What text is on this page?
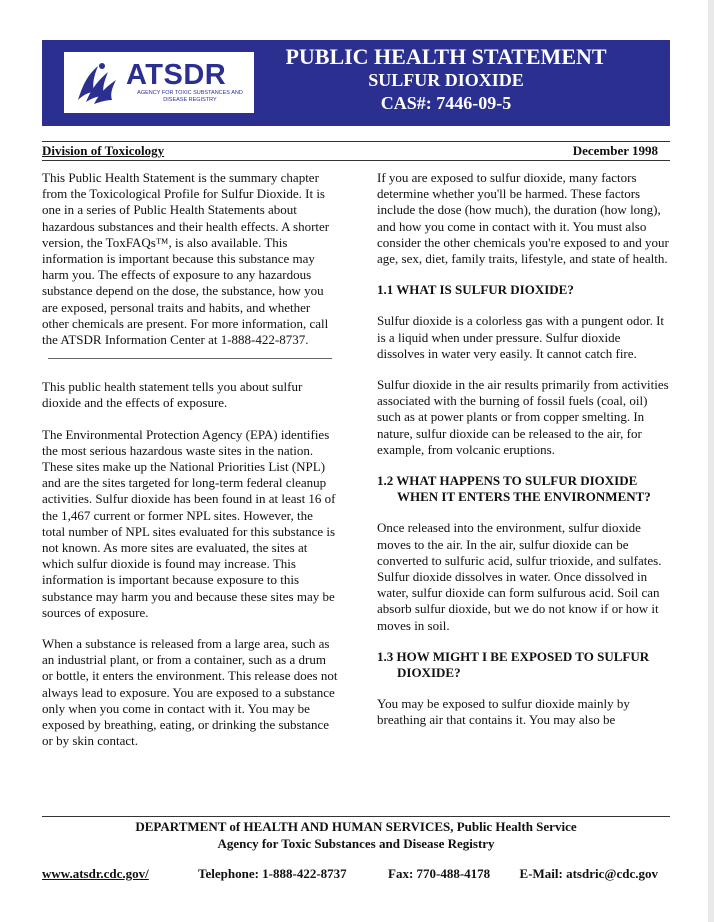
ATSDR
AGENCY FOR TOXIC SUBSTANCES AND DISEASE REGISTRY
PUBLIC HEALTH STATEMENT
SULFUR DIOXIDE
CAS#: 7446-09-5
Division of Toxicology	December 1998

This Public Health Statement is the summary chapter from the Toxicological Profile for Sulfur Dioxide. It is one in a series of Public Health Statements about hazardous substances and their health effects. A shorter version, the ToxFAQs™, is also available. This information is important because this substance may harm you. The effects of exposure to any hazardous substance depend on the dose, the substance, how you are exposed, personal traits and habits, and whether other chemicals are present. For more information, call the ATSDR Information Center at 1-888-422-8737.

This public health statement tells you about sulfur dioxide and the effects of exposure.

The Environmental Protection Agency (EPA) identifies the most serious hazardous waste sites in the nation. These sites make up the National Priorities List (NPL) and are the sites targeted for long-term federal cleanup activities. Sulfur dioxide has been found in at least 16 of the 1,467 current or former NPL sites. However, the total number of NPL sites evaluated for this substance is not known. As more sites are evaluated, the sites at which sulfur dioxide is found may increase. This information is important because exposure to this substance may harm you and because these sites may be sources of exposure.

When a substance is released from a large area, such as an industrial plant, or from a container, such as a drum or bottle, it enters the environment. This release does not always lead to exposure. You are exposed to a substance only when you come in contact with it. You may be exposed by breathing, eating, or drinking the substance or by skin contact.

If you are exposed to sulfur dioxide, many factors determine whether you'll be harmed. These factors include the dose (how much), the duration (how long), and how you come in contact with it. You must also consider the other chemicals you're exposed to and your age, sex, diet, family traits, lifestyle, and state of health.

1.1 WHAT IS SULFUR DIOXIDE?

Sulfur dioxide is a colorless gas with a pungent odor. It is a liquid when under pressure. Sulfur dioxide dissolves in water very easily. It cannot catch fire.

Sulfur dioxide in the air results primarily from activities associated with the burning of fossil fuels (coal, oil) such as at power plants or from copper smelting. In nature, sulfur dioxide can be released to the air, for example, from volcanic eruptions.

1.2 WHAT HAPPENS TO SULFUR DIOXIDE WHEN IT ENTERS THE ENVIRONMENT?

Once released into the environment, sulfur dioxide moves to the air. In the air, sulfur dioxide can be converted to sulfuric acid, sulfur trioxide, and sulfates. Sulfur dioxide dissolves in water. Once dissolved in water, sulfur dioxide can form sulfurous acid. Soil can absorb sulfur dioxide, but we do not know if or how it moves in soil.

1.3 HOW MIGHT I BE EXPOSED TO SULFUR DIOXIDE?

You may be exposed to sulfur dioxide mainly by breathing air that contains it. You may also be

DEPARTMENT of HEALTH AND HUMAN SERVICES, Public Health Service
Agency for Toxic Substances and Disease Registry
www.atsdr.cdc.gov/	Telephone: 1-888-422-8737	Fax: 770-488-4178 E-Mail: atsdric@cdc.gov
